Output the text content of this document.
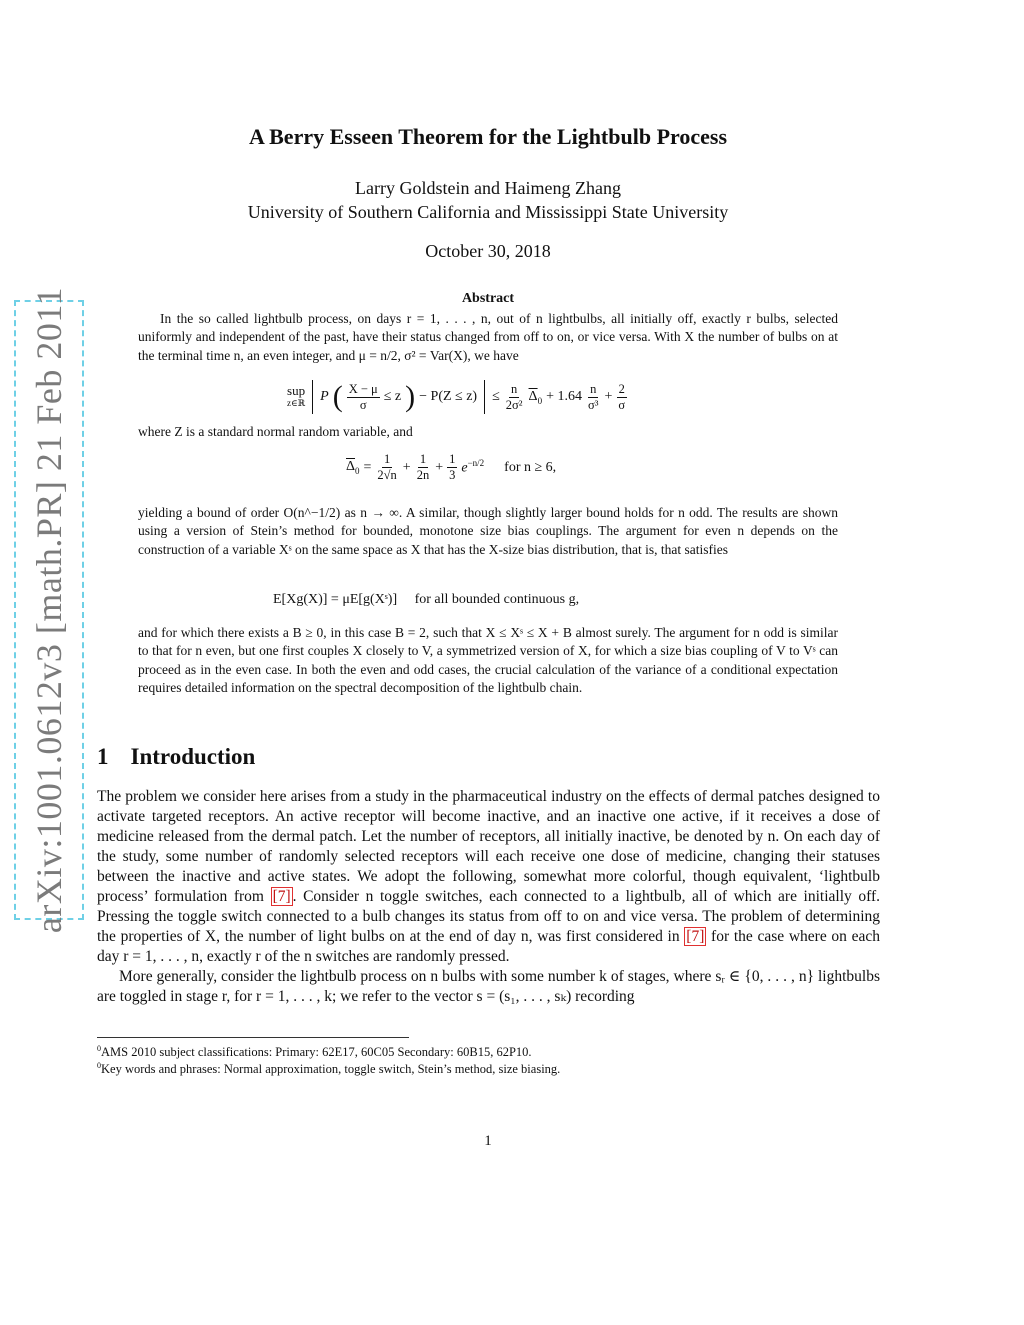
arXiv:1001.0612v3 [math.PR] 21 Feb 2011
A Berry Esseen Theorem for the Lightbulb Process
Larry Goldstein and Haimeng Zhang
University of Southern California and Mississippi State University
October 30, 2018
Abstract

In the so called lightbulb process, on days r = 1, . . . , n, out of n lightbulbs, all initially off, exactly r bulbs, selected uniformly and independent of the past, have their status changed from off to on, or vice versa. With X the number of bulbs on at the terminal time n, an even integer, and μ = n/2, σ² = Var(X), we have

sup
z∈ℝ P ( $\frac{X - \mu}{\sigma} \le z$ ) − $P(Z \le z) \le \frac{n}{\text{2σ²}} \overline{\Delta}_0 + 1.64 \frac{n}{\text{σ³}} + \frac{2}{\sigma}$

where Z is a standard normal random variable, and

$\overline{\Delta}_0 = \frac{1}{2√n} + \frac{1}{2n} + \frac{1}{3} e^{-n/2}$ for n ≥ 6,

yielding a bound of order O(n^−1/2) as n → ∞. A similar, though slightly larger bound holds for n odd. The results are shown using a version of Stein’s method for bounded, monotone size bias couplings. The argument for even n depends on the construction of a variable Xˢ on the same space as X that has the X-size bias distribution, that is, that satisfies

E[Xg(X)] = μE[g(Xˢ)]     for all bounded continuous g,

and for which there exists a B ≥ 0, in this case B = 2, such that X ≤ Xˢ ≤ X + B almost surely. The argument for n odd is similar to that for n even, but one first couples X closely to V, a symmetrized version of X, for which a size bias coupling of V to Vˢ can proceed as in the even case. In both the even and odd cases, the crucial calculation of the variance of a conditional expectation requires detailed information on the spectral decomposition of the lightbulb chain.

1 Introduction

The problem we consider here arises from a study in the pharmaceutical industry on the effects of dermal patches designed to activate targeted receptors. An active receptor will become inactive, and an inactive one active, if it receives a dose of medicine released from the dermal patch. Let the number of receptors, all initially inactive, be denoted by n. On each day of the study, some number of randomly selected receptors will each receive one dose of medicine, changing their statuses between the inactive and active states. We adopt the following, somewhat more colorful, though equivalent, ‘lightbulb process’ formulation from [7] . Consider n toggle switches, each connected to a lightbulb, all of which are initially off. Pressing the toggle switch connected to a bulb changes its status from off to on and vice versa. The problem of determining the properties of X, the number of light bulbs on at the end of day n, was first considered in [7] for the case where on each day r = 1, . . . , n, exactly r of the n switches are randomly pressed.

More generally, consider the lightbulb process on n bulbs with some number k of stages, where sᵣ ∈ {0, . . . , n} lightbulbs are toggled in stage r, for r = 1, . . . , k; we refer to the vector s = (s₁, . . . , sₖ) recording

$^0$AMS 2010 subject classifications: Primary: 62E17, 60C05 Secondary: 60B15, 62P10.
$^0$Key words and phrases: Normal approximation, toggle switch, Stein’s method, size biasing.
1
